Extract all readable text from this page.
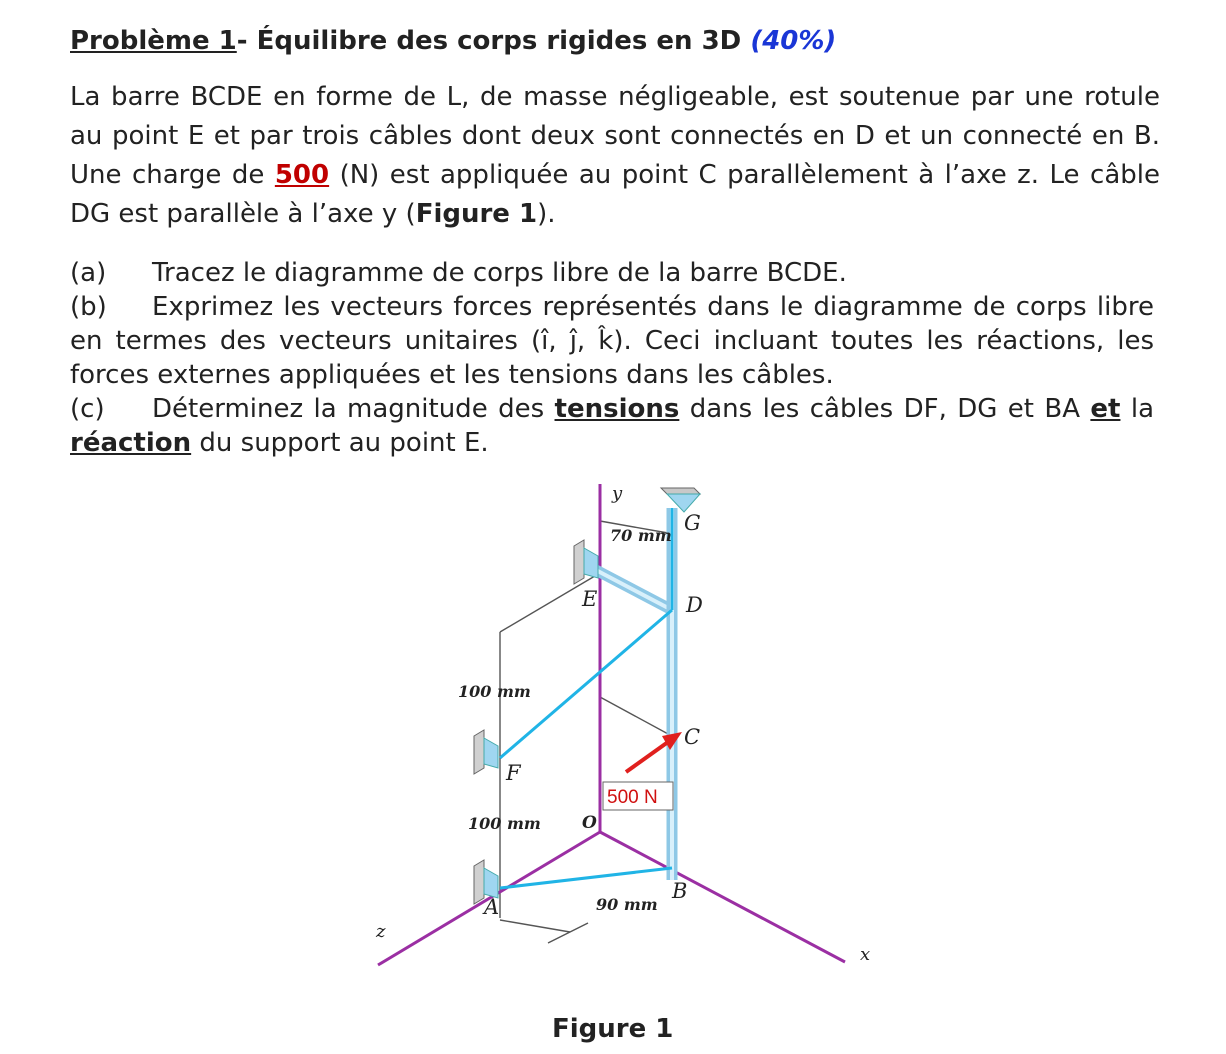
Problème 1- Équilibre des corps rigides en 3D (40%)

La barre BCDE en forme de L, de masse négligeable, est soutenue par une rotule au point E et par trois câbles dont deux sont connectés en D et un connecté en B. Une charge de 500 (N) est appliquée au point C parallèlement à l’axe z. Le câble DG est parallèle à l’axe y (Figure 1).

(a) Tracez le diagramme de corps libre de la barre BCDE.

(b) Exprimez les vecteurs forces représentés dans le diagramme de corps libre en termes des vecteurs unitaires (ı̂, ȷ̂, k̂). Ceci incluant toutes les réactions, les forces externes appliquées et les tensions dans les câbles.

(c) Déterminez la magnitude des tensions dans les câbles DF, DG et BA et la réaction du support au point E.

y
z
x
O
G
E	D
C
F
A
B
70 mm
100 mm
100 mm
90 mm
500 N

Figure 1
